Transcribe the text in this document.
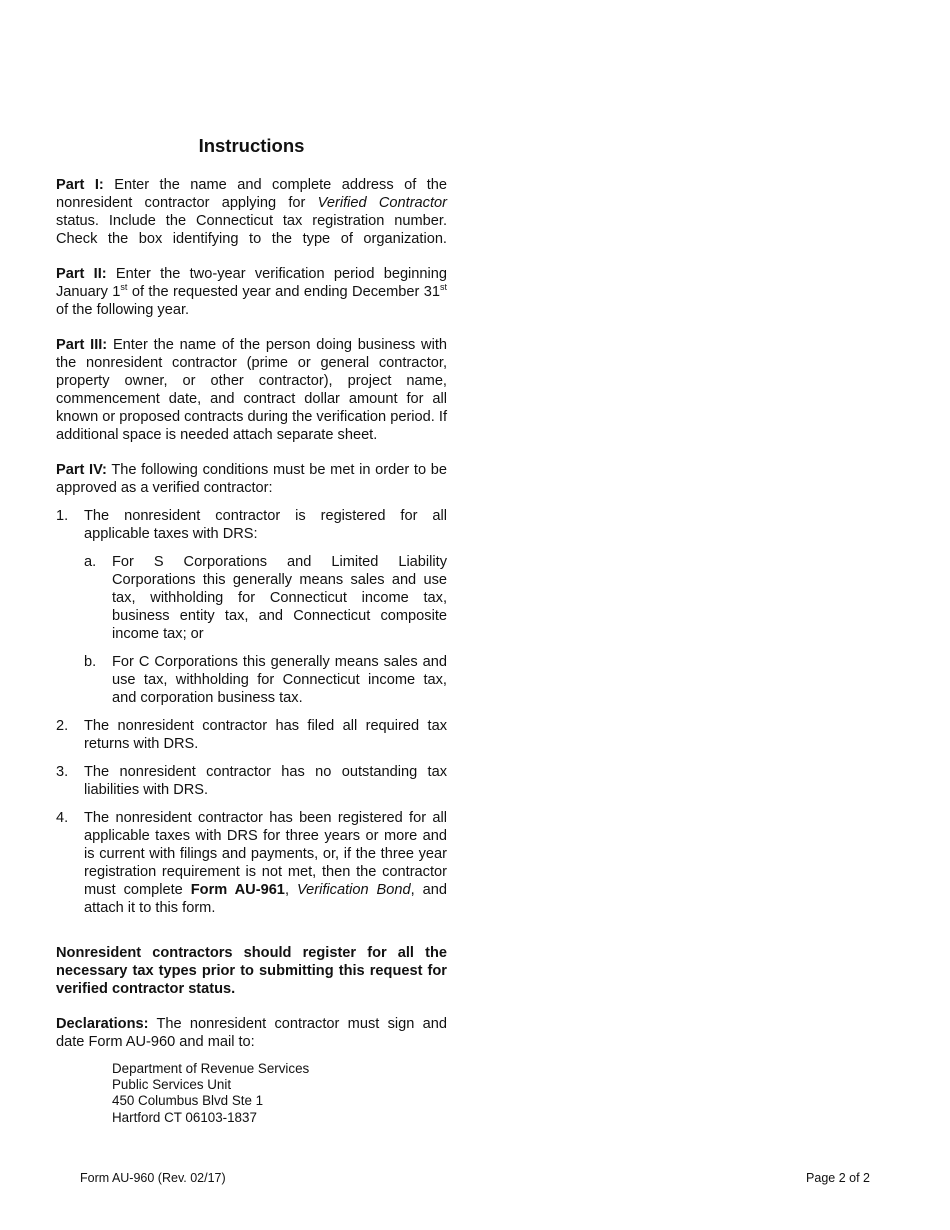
Instructions

Part I: Enter the name and complete address of the nonresident contractor applying for Verified Contractor status. Include the Connecticut tax registration number. Check the box identifying to the type of organization.

Part II: Enter the two-year verification period beginning January 1st of the requested year and ending December 31st of the following year.

Part III: Enter the name of the person doing business with the nonresident contractor (prime or general contractor, property owner, or other contractor), project name, commencement date, and contract dollar amount for all known or proposed contracts during the verification period. If additional space is needed attach separate sheet.

Part IV: The following conditions must be met in order to be approved as a verified contractor:

1.	The nonresident contractor is registered for all applicable taxes with DRS:
a.	For S Corporations and Limited Liability Corporations this generally means sales and use tax, withholding for Connecticut income tax, business entity tax, and Connecticut composite income tax; or
b.	For C Corporations this generally means sales and use tax, withholding for Connecticut income tax, and corporation business tax.
2.	The nonresident contractor has filed all required tax returns with DRS.
3.	The nonresident contractor has no outstanding tax liabilities with DRS.
4.	The nonresident contractor has been registered for all applicable taxes with DRS for three years or more and is current with filings and payments, or, if the three year registration requirement is not met, then the contractor must complete Form AU-961, Verification Bond, and attach it to this form.

Nonresident contractors should register for all the necessary tax types prior to submitting this request for verified contractor status.

Declarations: The nonresident contractor must sign and date Form AU-960 and mail to:

Department of Revenue Services
Public Services Unit
450 Columbus Blvd Ste 1
Hartford CT 06103-1837
Form AU-960 (Rev. 02/17)	Page 2 of 2
